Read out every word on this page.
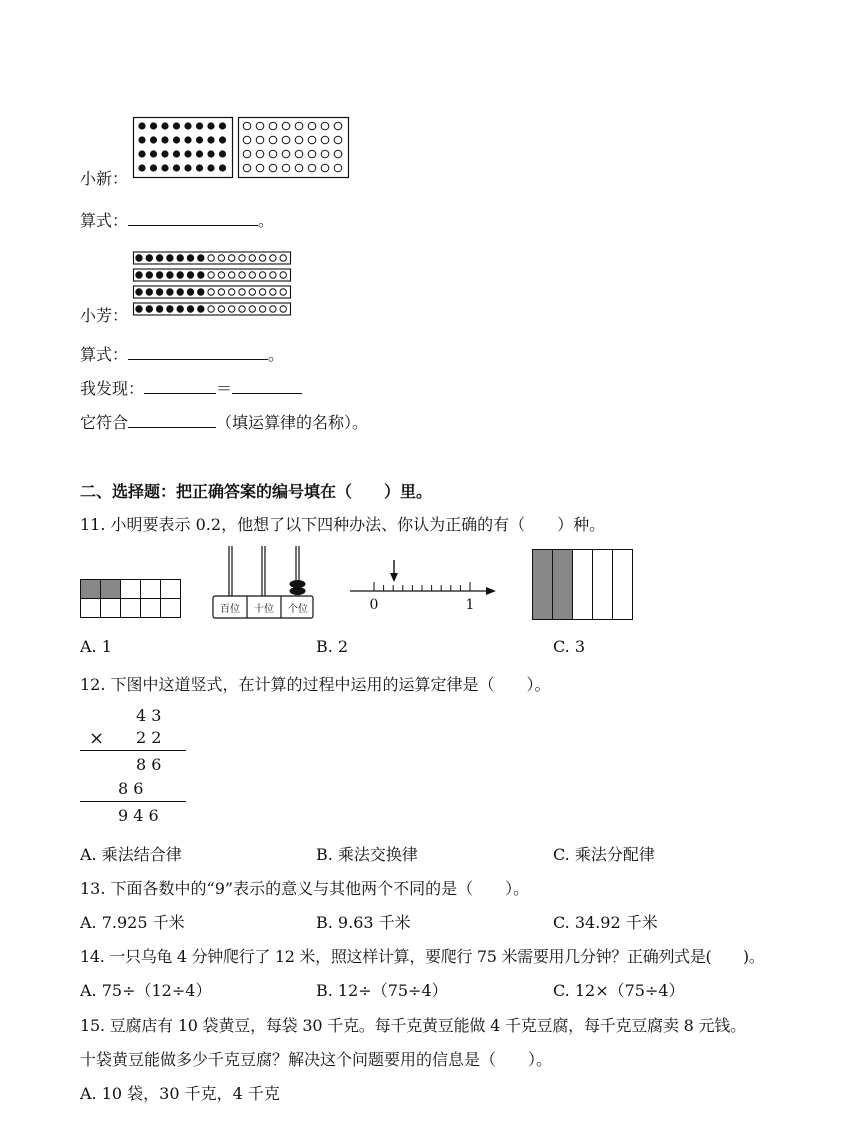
小新：
算式：	。
小芳：
算式：	。
我发现：	＝
它符合	（填运算律的名称）。
二、选择题：把正确答案的编号填在（　　）里。
11. 小明要表示 0.2，他想了以下四种办法、你认为正确的有（　　）种。
百位 十位 个位	0	1
A. 1	B. 2	C. 3
12. 下图中这道竖式，在计算的过程中运用的运算定律是（　　）。
4 3
× 2 2
8 6
8 6
9 4 6
A. 乘法结合律	B. 乘法交换律	C. 乘法分配律
13. 下面各数中的“9”表示的意义与其他两个不同的是（　　）。
A. 7.925 千米	B. 9.63 千米	C. 34.92 千米
14. 一只乌龟 4 分钟爬行了 12 米，照这样计算，要爬行 75 米需要用几分钟？正确列式是(　　)。
A. 75÷（12÷4）	B. 12÷（75÷4）	C. 12×（75÷4）
15. 豆腐店有 10 袋黄豆，每袋 30 千克。每千克黄豆能做 4 千克豆腐，每千克豆腐卖 8 元钱。
十袋黄豆能做多少千克豆腐？解决这个问题要用的信息是（　　）。
A. 10 袋，30 千克，4 千克
